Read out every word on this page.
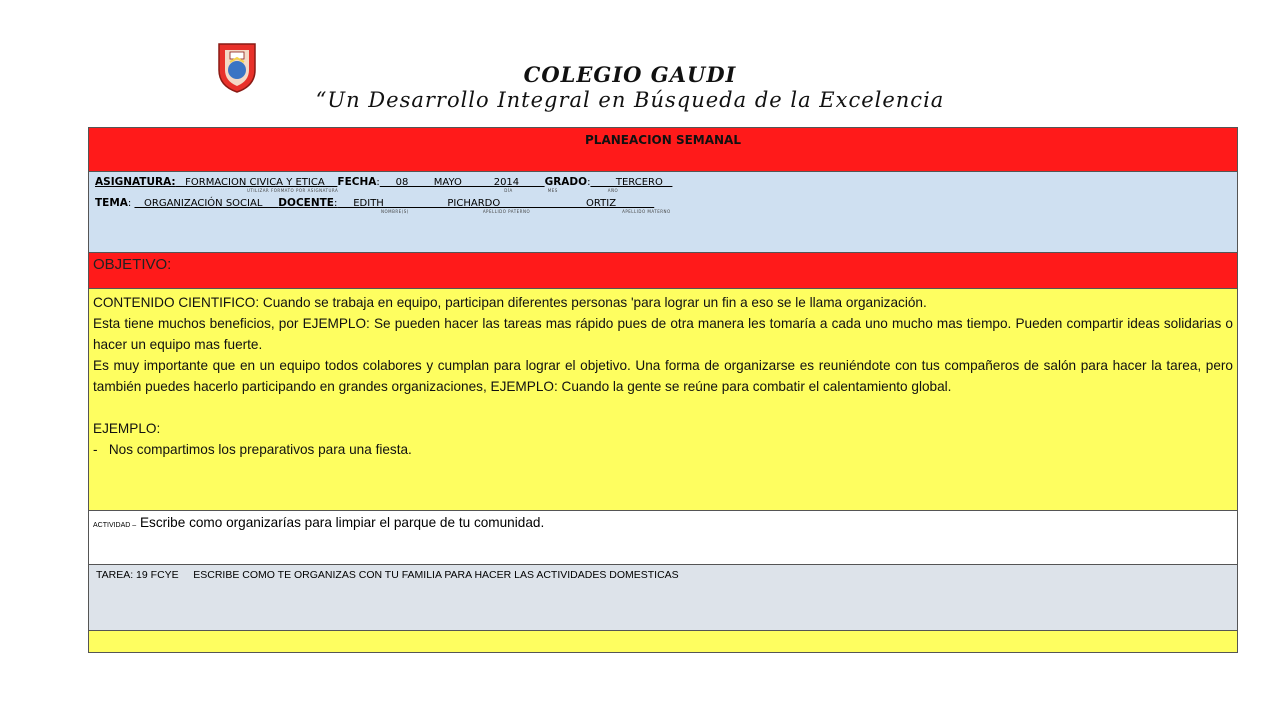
COLEGIO GAUDI
“Un Desarrollo Integral en Búsqueda de la Excelencia
PLANEACION SEMANAL
ASIGNATURA: FORMACION CIVICA Y ETICA FECHA : 08        MAYO          2014 GRADO : TERCERO
UTILIZAR FORMATO POR ASIGNATURA	DÍA	MES	AÑO
TEMA : ORGANIZACIÓN SOCIAL DOCENTE : EDITH                    PICHARDO                           ORTIZ
NOMBRE(S)	APELLIDO PATERNO	APELLIDO MATERNO
OBJETIVO:

CONTENIDO CIENTIFICO: Cuando se trabaja en equipo, participan diferentes personas 'para lograr un fin a eso se le llama organización.

Esta tiene muchos beneficios, por EJEMPLO: Se pueden hacer las tareas mas rápido pues de otra manera les tomaría a cada uno mucho mas tiempo. Pueden compartir ideas solidarias o hacer un equipo mas fuerte.

Es muy importante que en un equipo todos colabores y cumplan para lograr el objetivo. Una forma de organizarse es reuniéndote con tus compañeros de salón para hacer la tarea, pero también puedes hacerlo participando en grandes organizaciones, EJEMPLO: Cuando la gente se reúne para combatir el calentamiento global.

EJEMPLO:

-   Nos compartimos los preparativos para una fiesta.

ACTIVIDAD – Escribe como organizarías para limpiar el parque de tu comunidad.
TAREA: 19 FCYE     ESCRIBE COMO TE ORGANIZAS CON TU FAMILIA PARA HACER LAS ACTIVIDADES DOMESTICAS
